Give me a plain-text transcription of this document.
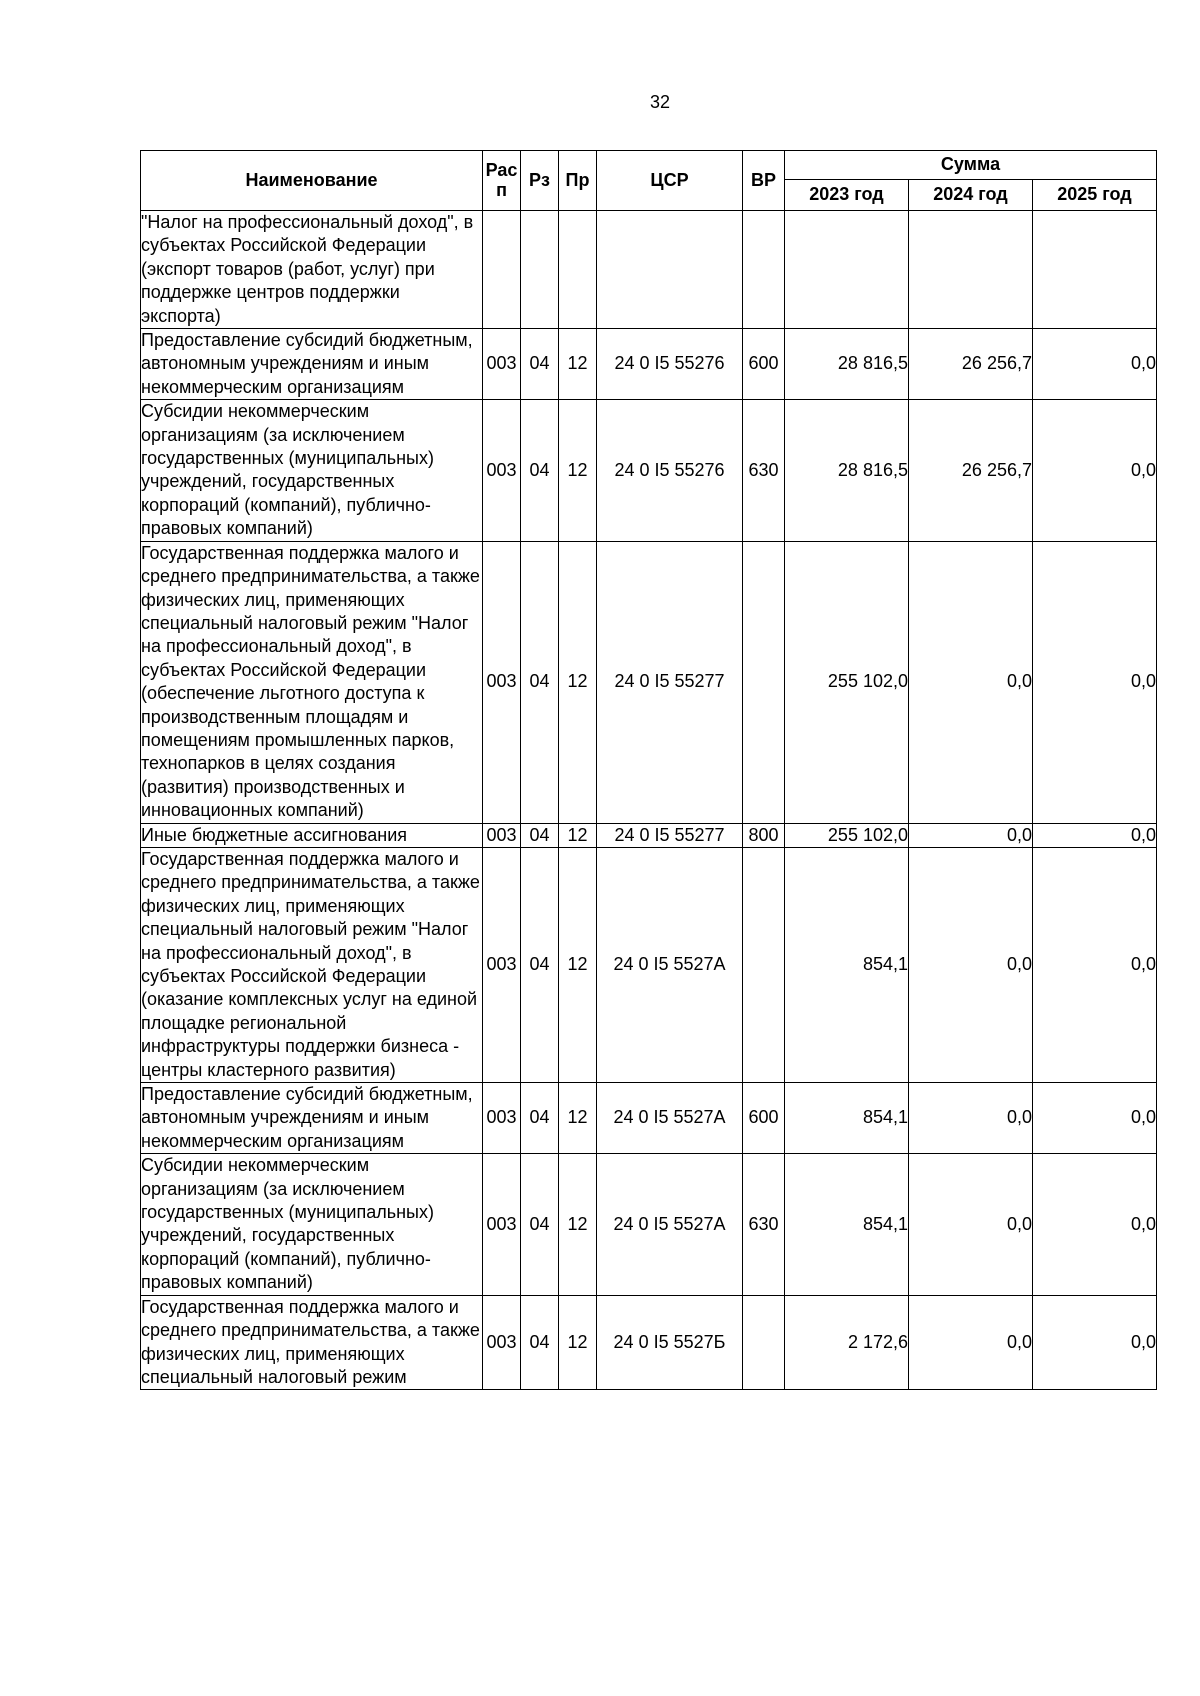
32
Наименование	Рас п	Рз	Пр	ЦСР	ВР	Сумма		
						2023 год	2024 год	2025 год
"Налог на профессиональный доход", в субъектах Российской Федерации (экспорт товаров (работ, услуг) при поддержке центров поддержки экспорта)								
Предоставление субсидий бюджетным, автономным учреждениям и иным некоммерческим организациям	003	04	12	24 0 I5 55276	600	28 816,5	26 256,7	0,0
Субсидии некоммерческим организациям (за исключением государственных (муниципальных) учреждений, государственных корпораций (компаний), публично-правовых компаний)	003	04	12	24 0 I5 55276	630	28 816,5	26 256,7	0,0
Государственная поддержка малого и среднего предпринимательства, а также физических лиц, применяющих специальный налоговый режим "Налог на профессиональный доход", в субъектах Российской Федерации (обеспечение льготного доступа к производственным площадям и помещениям промышленных парков, технопарков в целях создания (развития) производственных и инновационных компаний)	003	04	12	24 0 I5 55277		255 102,0	0,0	0,0
Иные бюджетные ассигнования	003	04	12	24 0 I5 55277	800	255 102,0	0,0	0,0
Государственная поддержка малого и среднего предпринимательства, а также физических лиц, применяющих специальный налоговый режим "Налог на профессиональный доход", в субъектах Российской Федерации (оказание комплексных услуг на единой площадке региональной инфраструктуры поддержки бизнеса - центры кластерного развития)	003	04	12	24 0 I5 5527А		854,1	0,0	0,0
Предоставление субсидий бюджетным, автономным учреждениям и иным некоммерческим организациям	003	04	12	24 0 I5 5527А	600	854,1	0,0	0,0
Субсидии некоммерческим организациям (за исключением государственных (муниципальных) учреждений, государственных корпораций (компаний), публично-правовых компаний)	003	04	12	24 0 I5 5527А	630	854,1	0,0	0,0
Государственная поддержка малого и среднего предпринимательства, а также физических лиц, применяющих специальный налоговый режим	003	04	12	24 0 I5 5527Б		2 172,6	0,0	0,0
